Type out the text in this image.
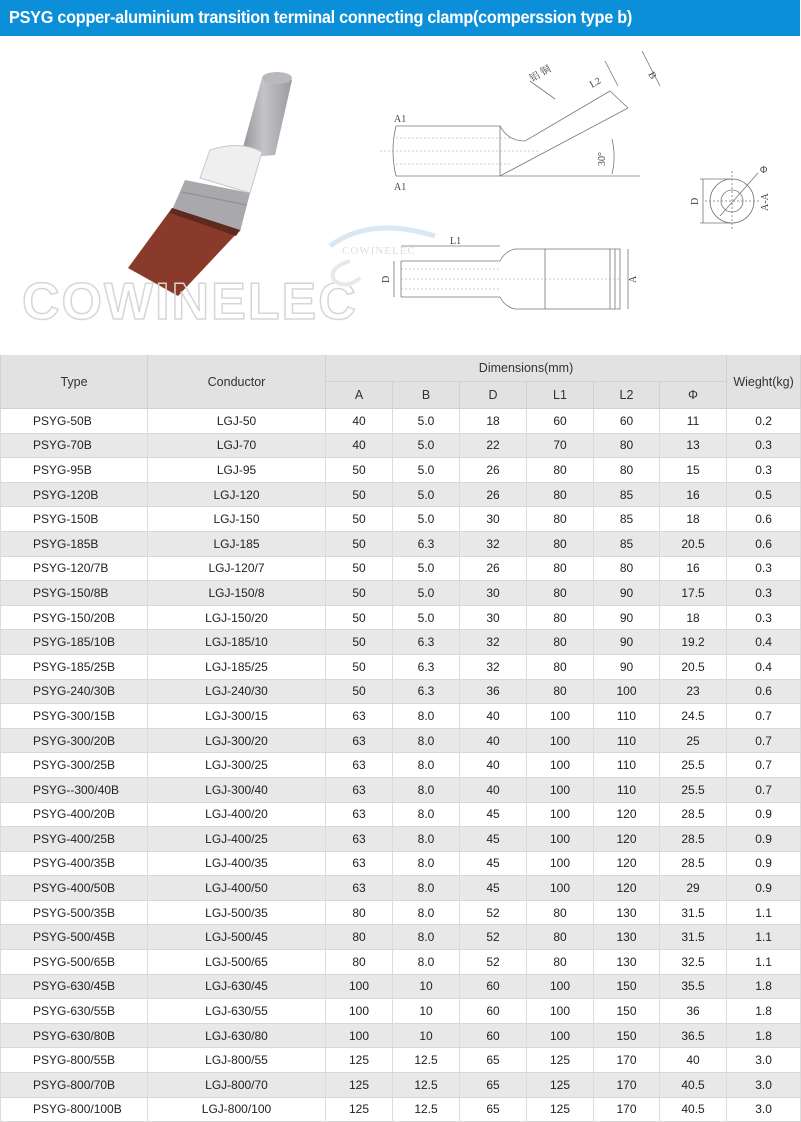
PSYG copper-aluminium transition terminal connecting clamp(comperssion type b)
COWINELEC
A1
A1
铝 铜	L2	B
30°
Φ
D	A-A
COWINELEC
L1
D	A
Type	Conductor	Dimensions(mm)						Wieght(kg)
		A	B	D	L1	L2	Φ	
PSYG-50B	LGJ-50	40	5.0	18	60	60	11	0.2
PSYG-70B	LGJ-70	40	5.0	22	70	80	13	0.3
PSYG-95B	LGJ-95	50	5.0	26	80	80	15	0.3
PSYG-120B	LGJ-120	50	5.0	26	80	85	16	0.5
PSYG-150B	LGJ-150	50	5.0	30	80	85	18	0.6
PSYG-185B	LGJ-185	50	6.3	32	80	85	20.5	0.6
PSYG-120/7B	LGJ-120/7	50	5.0	26	80	80	16	0.3
PSYG-150/8B	LGJ-150/8	50	5.0	30	80	90	17.5	0.3
PSYG-150/20B	LGJ-150/20	50	5.0	30	80	90	18	0.3
PSYG-185/10B	LGJ-185/10	50	6.3	32	80	90	19.2	0.4
PSYG-185/25B	LGJ-185/25	50	6.3	32	80	90	20.5	0.4
PSYG-240/30B	LGJ-240/30	50	6.3	36	80	100	23	0.6
PSYG-300/15B	LGJ-300/15	63	8.0	40	100	110	24.5	0.7
PSYG-300/20B	LGJ-300/20	63	8.0	40	100	110	25	0.7
PSYG-300/25B	LGJ-300/25	63	8.0	40	100	110	25.5	0.7
PSYG--300/40B	LGJ-300/40	63	8.0	40	100	110	25.5	0.7
PSYG-400/20B	LGJ-400/20	63	8.0	45	100	120	28.5	0.9
PSYG-400/25B	LGJ-400/25	63	8.0	45	100	120	28.5	0.9
PSYG-400/35B	LGJ-400/35	63	8.0	45	100	120	28.5	0.9
PSYG-400/50B	LGJ-400/50	63	8.0	45	100	120	29	0.9
PSYG-500/35B	LGJ-500/35	80	8.0	52	80	130	31.5	1.1
PSYG-500/45B	LGJ-500/45	80	8.0	52	80	130	31.5	1.1
PSYG-500/65B	LGJ-500/65	80	8.0	52	80	130	32.5	1.1
PSYG-630/45B	LGJ-630/45	100	10	60	100	150	35.5	1.8
PSYG-630/55B	LGJ-630/55	100	10	60	100	150	36	1.8
PSYG-630/80B	LGJ-630/80	100	10	60	100	150	36.5	1.8
PSYG-800/55B	LGJ-800/55	125	12.5	65	125	170	40	3.0
PSYG-800/70B	LGJ-800/70	125	12.5	65	125	170	40.5	3.0
PSYG-800/100B	LGJ-800/100	125	12.5	65	125	170	40.5	3.0
